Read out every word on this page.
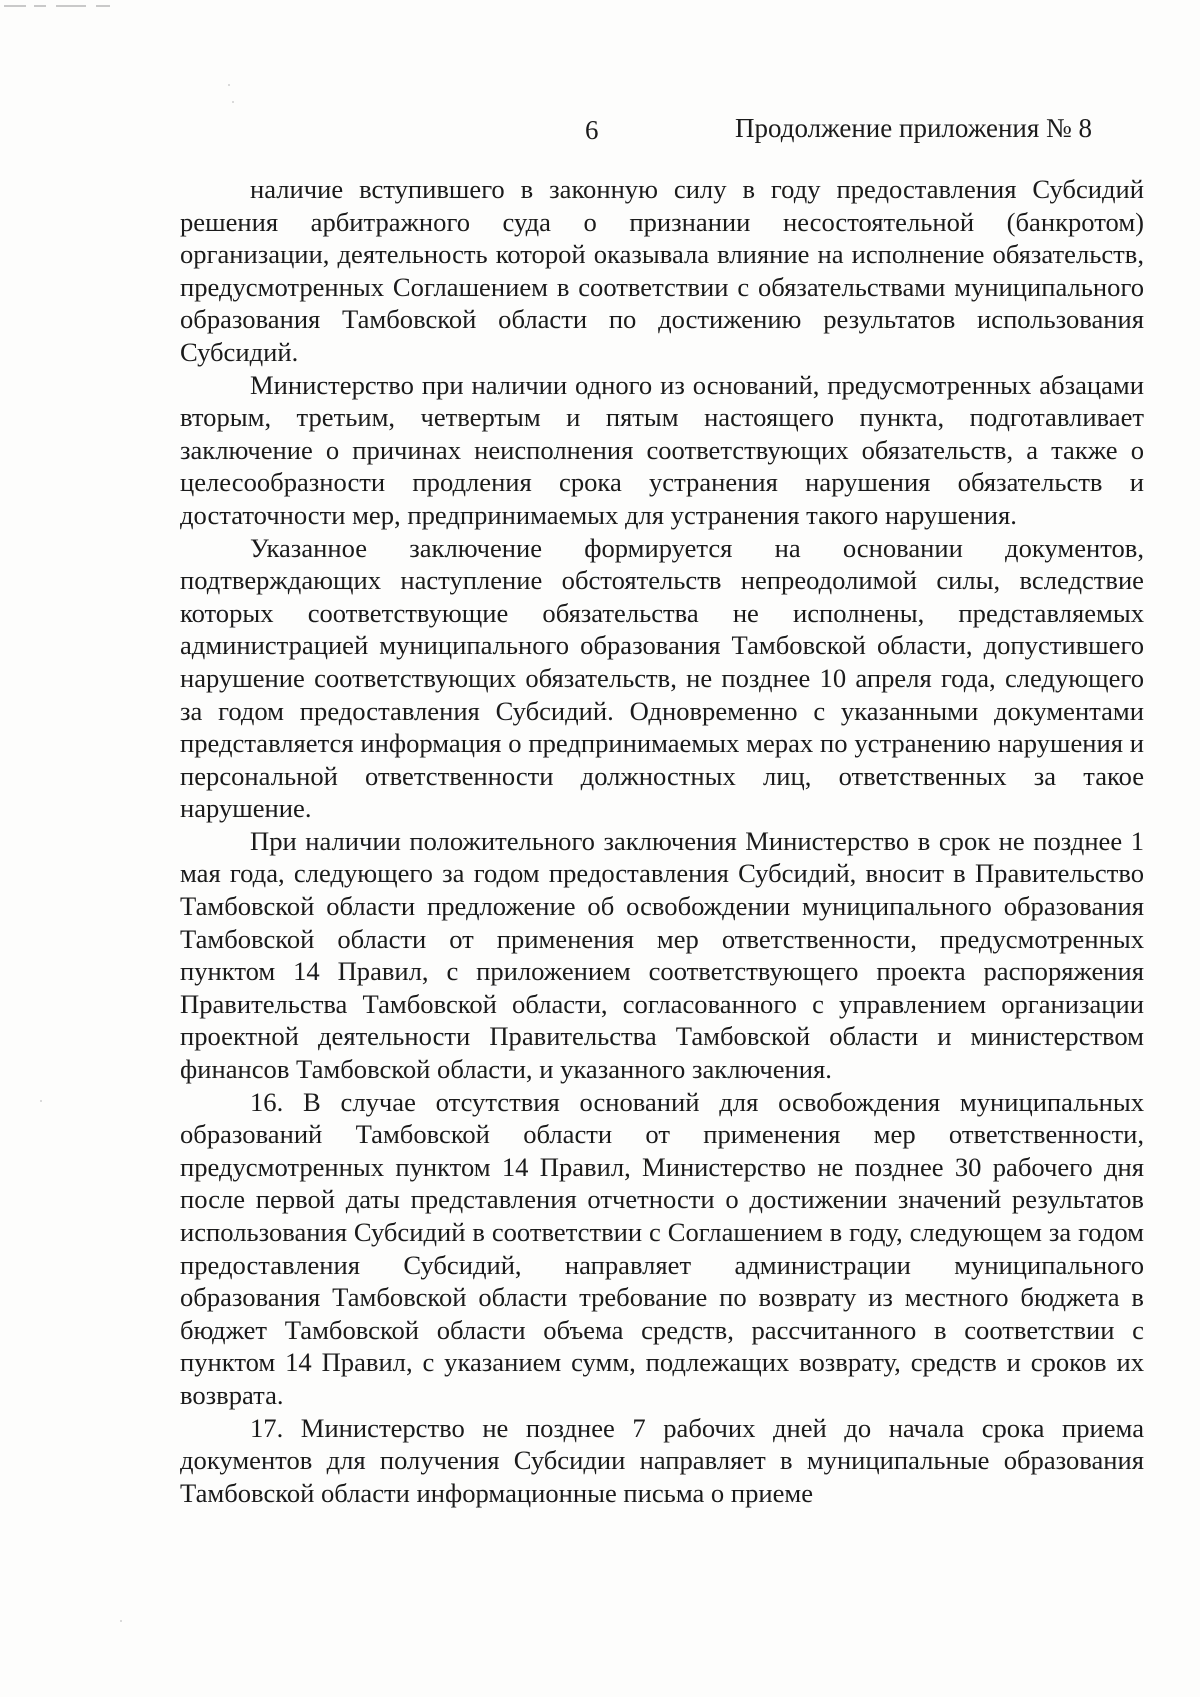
6	Продолжение приложения № 8

наличие вступившего в законную силу в году предоставления Субсидий решения арбитражного суда о признании несостоятельной (банкротом) организации, деятельность которой оказывала влияние на исполнение обязательств, предусмотренных Соглашением в соответствии с обязательствами муниципального образования Тамбовской области по достижению результатов использования Субсидий.

Министерство при наличии одного из оснований, предусмотренных абзацами вторым, третьим, четвертым и пятым настоящего пункта, подготавливает заключение о причинах неисполнения соответствующих обязательств, а также о целесообразности продления срока устранения нарушения обязательств и достаточности мер, предпринимаемых для устранения такого нарушения.

Указанное заключение формируется на основании документов, подтверждающих наступление обстоятельств непреодолимой силы, вследствие которых соответствующие обязательства не исполнены, представляемых администрацией муниципального образования Тамбовской области, допустившего нарушение соответствующих обязательств, не позднее 10 апреля года, следующего за годом предоставления Субсидий. Одновременно с указанными документами представляется информация о предпринимаемых мерах по устранению нарушения и персональной ответственности должностных лиц, ответственных за такое нарушение.

При наличии положительного заключения Министерство в срок не позднее 1 мая года, следующего за годом предоставления Субсидий, вносит в Правительство Тамбовской области предложение об освобождении муниципального образования Тамбовской области от применения мер ответственности, предусмотренных пунктом 14 Правил, с приложением соответствующего проекта распоряжения Правительства Тамбовской области, согласованного с управлением организации проектной деятельности Правительства Тамбовской области и министерством финансов Тамбовской области, и указанного заключения.

16. В случае отсутствия оснований для освобождения муниципальных образований Тамбовской области от применения мер ответственности, предусмотренных пунктом 14 Правил, Министерство не позднее 30 рабочего дня после первой даты представления отчетности о достижении значений результатов использования Субсидий в соответствии с Соглашением в году, следующем за годом предоставления Субсидий, направляет администрации муниципального образования Тамбовской области требование по возврату из местного бюджета в бюджет Тамбовской области объема средств, рассчитанного в соответствии с пунктом 14 Правил, с указанием сумм, подлежащих возврату, средств и сроков их возврата.

17. Министерство не позднее 7 рабочих дней до начала срока приема документов для получения Субсидии направляет в муниципальные образования Тамбовской области информационные письма о приеме
